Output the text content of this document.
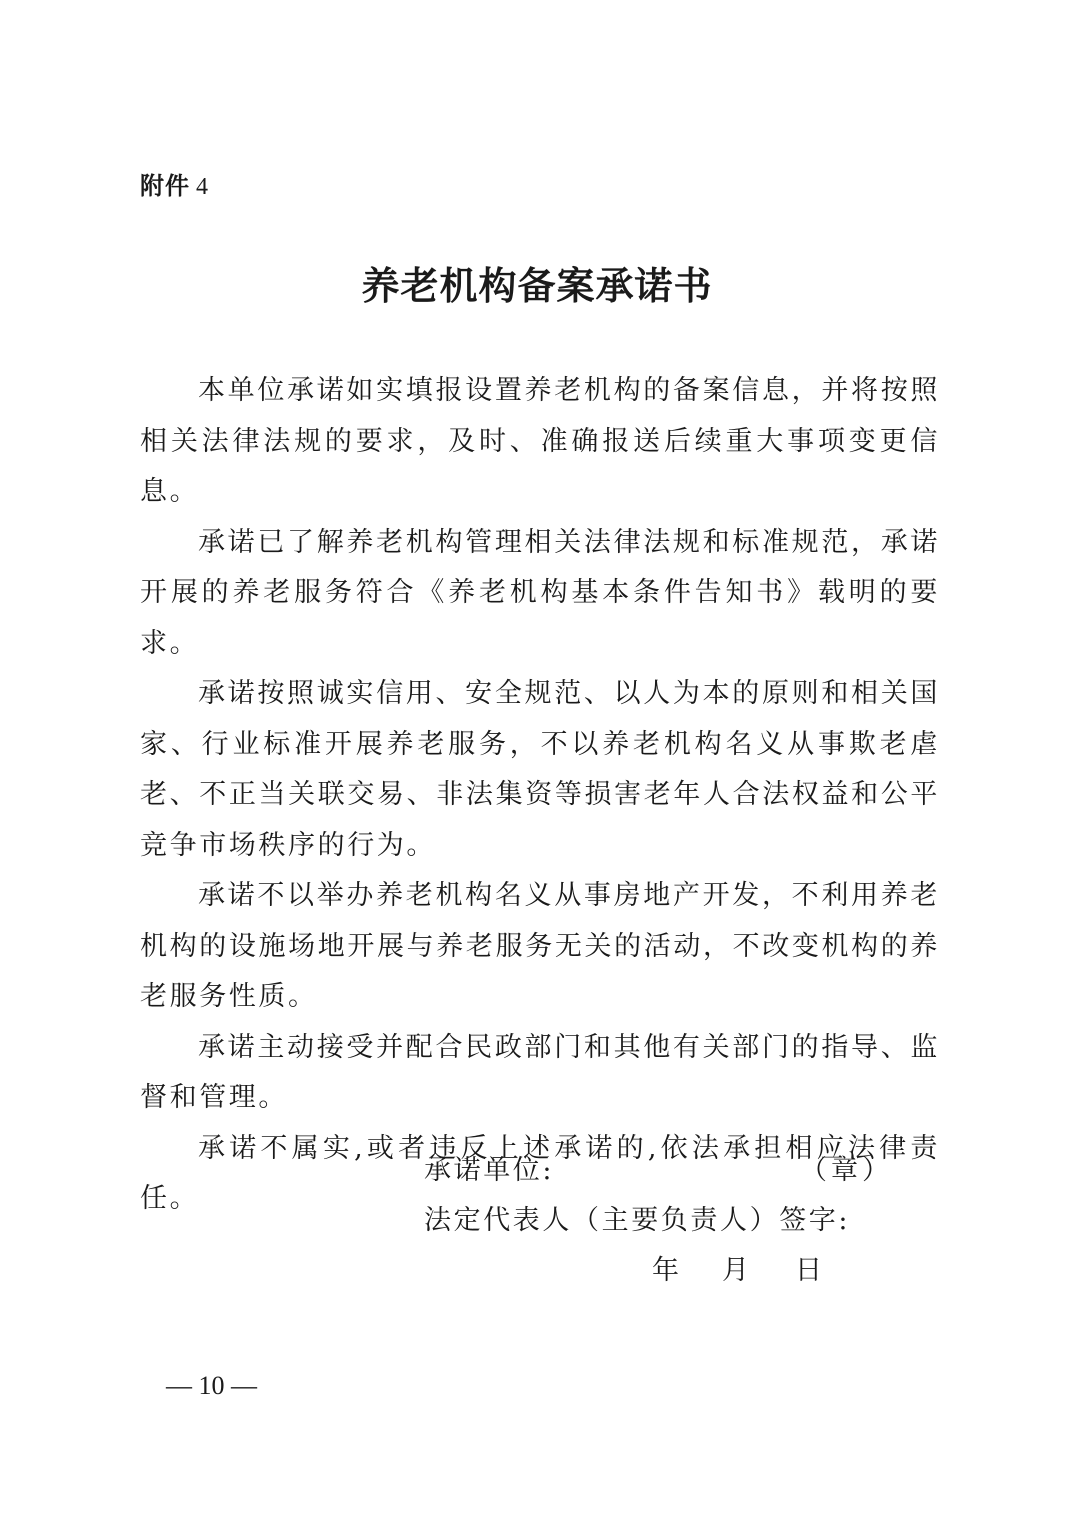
附件 4
养老机构备案承诺书

本单位承诺如实填报设置养老机构的备案信息，并将按照相关法律法规的要求，及时、准确报送后续重大事项变更信息。

承诺已了解养老机构管理相关法律法规和标准规范，承诺开展的养老服务符合《养老机构基本条件告知书》载明的要求。

承诺按照诚实信用、安全规范、以人为本的原则和相关国家、行业标准开展养老服务，不以养老机构名义从事欺老虐老、不正当关联交易、非法集资等损害老年人合法权益和公平竞争市场秩序的行为。

承诺不以举办养老机构名义从事房地产开发，不利用养老机构的设施场地开展与养老服务无关的活动，不改变机构的养老服务性质。

承诺主动接受并配合民政部门和其他有关部门的指导、监督和管理。

承诺不属实,或者违反上述承诺的,依法承担相应法律责任。

承诺单位:	（章）
法定代表人（主要负责人）签字:
年 月 日
— 10 —
